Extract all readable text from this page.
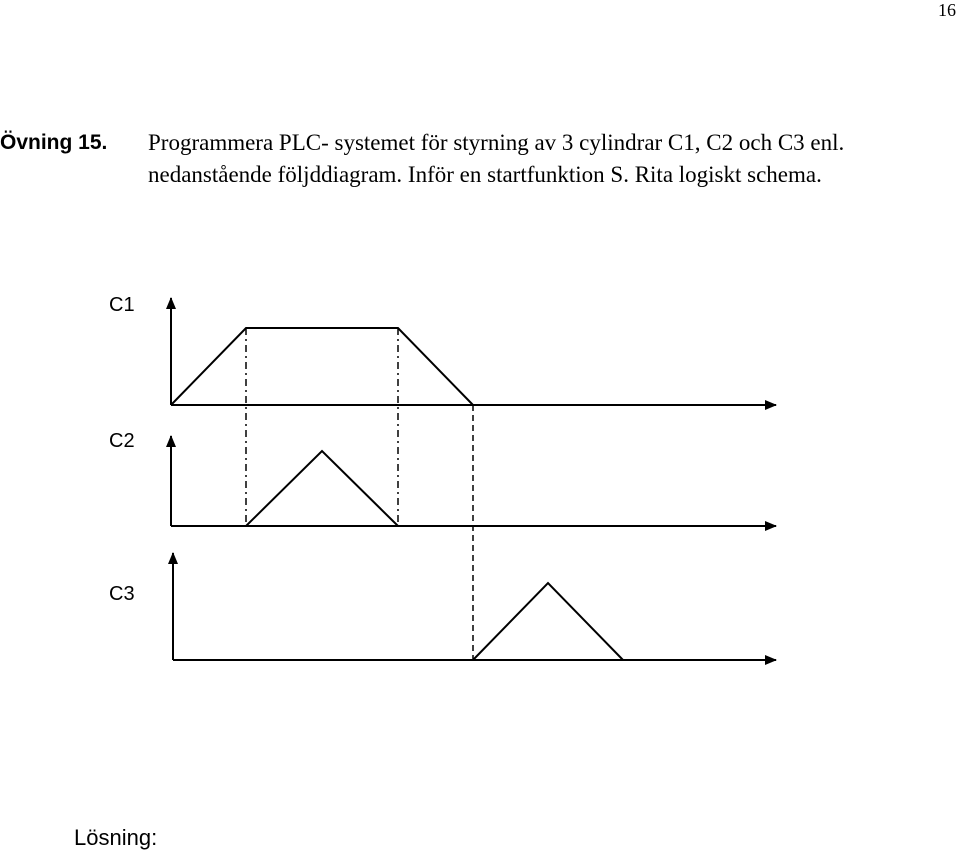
16
Övning 15. Programmera PLC- systemet för styrning av 3 cylindrar C1, C2 och C3 enl.
nedanstående följddiagram. Inför en startfunktion S. Rita logiskt schema.
C1
C2
C3
Lösning:
